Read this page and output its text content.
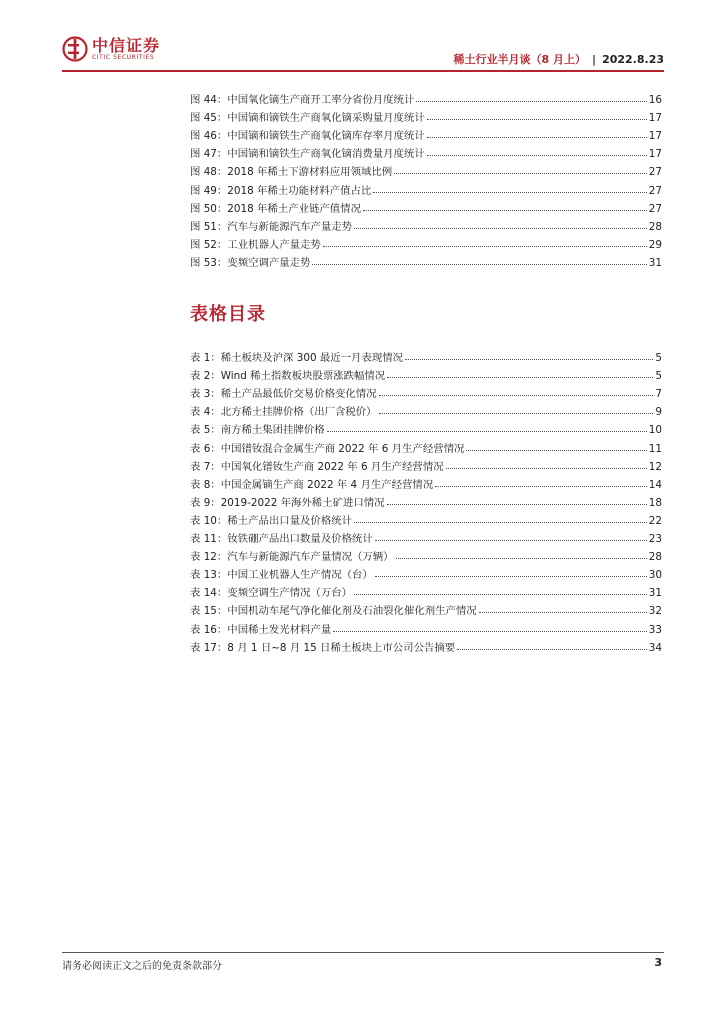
中信证券
CITIC SECURITIES	稀土行业半月谈（8 月上） | 2022.8.23
图 44：中国氧化镝生产商开工率分省份月度统计	16
图 45：中国镝和镝铁生产商氧化镝采购量月度统计	17
图 46：中国镝和镝铁生产商氧化镝库存率月度统计	17
图 47：中国镝和镝铁生产商氧化镝消费量月度统计	17
图 48：2018 年稀土下游材料应用领域比例	27
图 49：2018 年稀土功能材料产值占比	27
图 50：2018 年稀土产业链产值情况	27
图 51：汽车与新能源汽车产量走势	28
图 52：工业机器人产量走势	29
图 53：变频空调产量走势	31
表格目录
表 1：稀土板块及沪深 300 最近一月表现情况	5
表 2：Wind 稀土指数板块股票涨跌幅情况	5
表 3：稀土产品最低价交易价格变化情况	7
表 4：北方稀土挂牌价格（出厂含税价）	9
表 5：南方稀土集团挂牌价格	10
表 6：中国镨钕混合金属生产商 2022 年 6 月生产经营情况	11
表 7：中国氧化镨钕生产商 2022 年 6 月生产经营情况	12
表 8：中国金属镝生产商 2022 年 4 月生产经营情况	14
表 9：2019-2022 年海外稀土矿进口情况	18
表 10：稀土产品出口量及价格统计	22
表 11：钕铁硼产品出口数量及价格统计	23
表 12：汽车与新能源汽车产量情况（万辆）	28
表 13：中国工业机器人生产情况（台）	30
表 14：变频空调生产情况（万台）	31
表 15：中国机动车尾气净化催化剂及石油裂化催化剂生产情况	32
表 16：中国稀土发光材料产量	33
表 17：8 月 1 日~8 月 15 日稀土板块上市公司公告摘要	34
请务必阅读正文之后的免责条款部分	3
